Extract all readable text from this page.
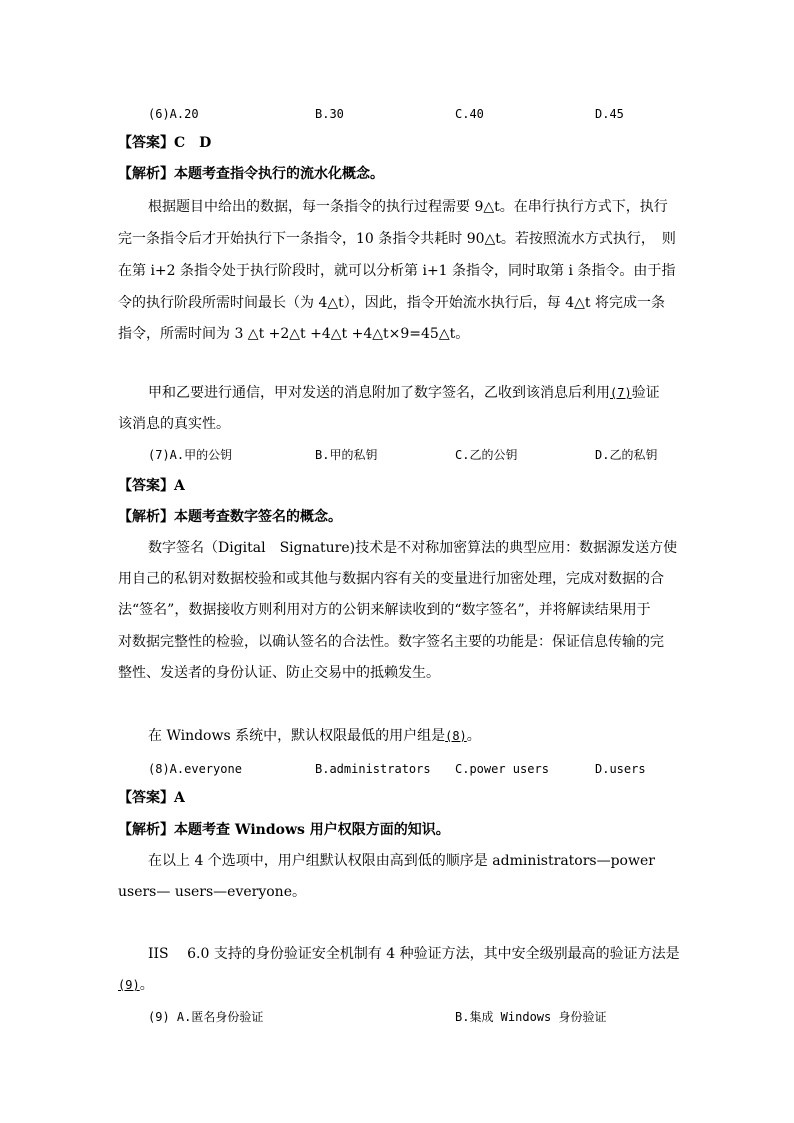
(6)A.20	B.30	C.40	D.45
【答案】C　D
【解析】本题考查指令执行的流水化概念。
根据题目中给出的数据，每一条指令的执行过程需要 9△t。在串行执行方式下，执行
完一条指令后才开始执行下一条指令，10 条指令共耗时 90△t。若按照流水方式执行，　则
在第 i+2 条指令处于执行阶段时，就可以分析第 i+1 条指令，同时取第 i 条指令。由于指
令的执行阶段所需时间最长（为 4△t），因此，指令开始流水执行后，每 4△t 将完成一条
指令，所需时间为 3 △t +2△t +4△t +4△t×9=45△t。
甲和乙要进行通信，甲对发送的消息附加了数字签名，乙收到该消息后利用(7)验证
该消息的真实性。
(7)A.甲的公钥	B.甲的私钥	C.乙的公钥	D.乙的私钥
【答案】A
【解析】本题考查数字签名的概念。
数字签名（Digital　Signature)技术是不对称加密算法的典型应用：数据源发送方使
用自己的私钥对数据校验和或其他与数据内容有关的变量进行加密处理，完成对数据的合
法“签名”，数据接收方则利用对方的公钥来解读收到的“数字签名”，并将解读结果用于
对数据完整性的检验，以确认签名的合法性。数字签名主要的功能是：保证信息传输的完
整性、发送者的身份认证、防止交易中的抵赖发生。
在 Windows 系统中，默认权限最低的用户组是(8)。
(8)A.everyone	B.administrators C.power users	D.users
【答案】A
【解析】本题考查 Windows 用户权限方面的知识。
在以上 4 个选项中，用户组默认权限由高到低的顺序是 administrators—power
users— users—everyone。
IIS　 6.0 支持的身份验证安全机制有 4 种验证方法，其中安全级别最高的验证方法是
(9)。
(9) A.匿名身份验证	B.集成 Windows 身份验证
